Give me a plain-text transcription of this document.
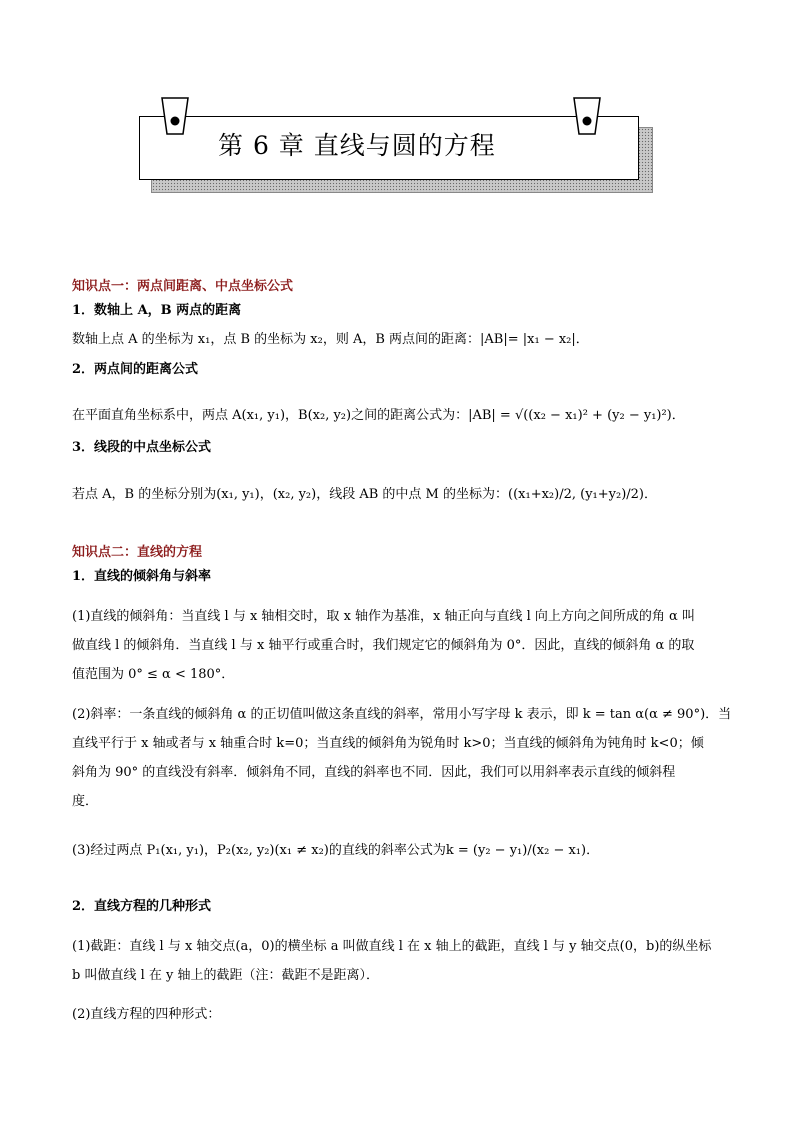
第 6 章 直线与圆的方程
知识点一：两点间距离、中点坐标公式
1．数轴上 A，B 两点的距离
数轴上点 A 的坐标为 x₁，点 B 的坐标为 x₂，则 A，B 两点间的距离：|AB|= |x₁ − x₂|．
2．两点间的距离公式
在平面直角坐标系中，两点 A(x₁, y₁)，B(x₂, y₂)之间的距离公式为：|AB| = √((x₂ − x₁)² + (y₂ − y₁)²)．
3．线段的中点坐标公式
若点 A，B 的坐标分别为(x₁, y₁)，(x₂, y₂)，线段 AB 的中点 M 的坐标为：((x₁+x₂)/2, (y₁+y₂)/2)．
知识点二：直线的方程
1．直线的倾斜角与斜率
(1)直线的倾斜角：当直线 l 与 x 轴相交时，取 x 轴作为基准，x 轴正向与直线 l 向上方向之间所成的角 α 叫
做直线 l 的倾斜角．当直线 l 与 x 轴平行或重合时，我们规定它的倾斜角为 0°．因此，直线的倾斜角 α 的取
值范围为 0° ≤ α < 180°．
(2)斜率：一条直线的倾斜角 α 的正切值叫做这条直线的斜率，常用小写字母 k 表示，即 k = tan α(α ≠ 90°)．当
直线平行于 x 轴或者与 x 轴重合时 k=0；当直线的倾斜角为锐角时 k>0；当直线的倾斜角为钝角时 k<0；倾
斜角为 90° 的直线没有斜率．倾斜角不同，直线的斜率也不同．因此，我们可以用斜率表示直线的倾斜程
度．
(3)经过两点 P₁(x₁, y₁)，P₂(x₂, y₂)(x₁ ≠ x₂)的直线的斜率公式为k = (y₂ − y₁)/(x₂ − x₁)．
2．直线方程的几种形式
(1)截距：直线 l 与 x 轴交点(a，0)的横坐标 a 叫做直线 l 在 x 轴上的截距，直线 l 与 y 轴交点(0，b)的纵坐标
b 叫做直线 l 在 y 轴上的截距（注：截距不是距离）．
(2)直线方程的四种形式：
